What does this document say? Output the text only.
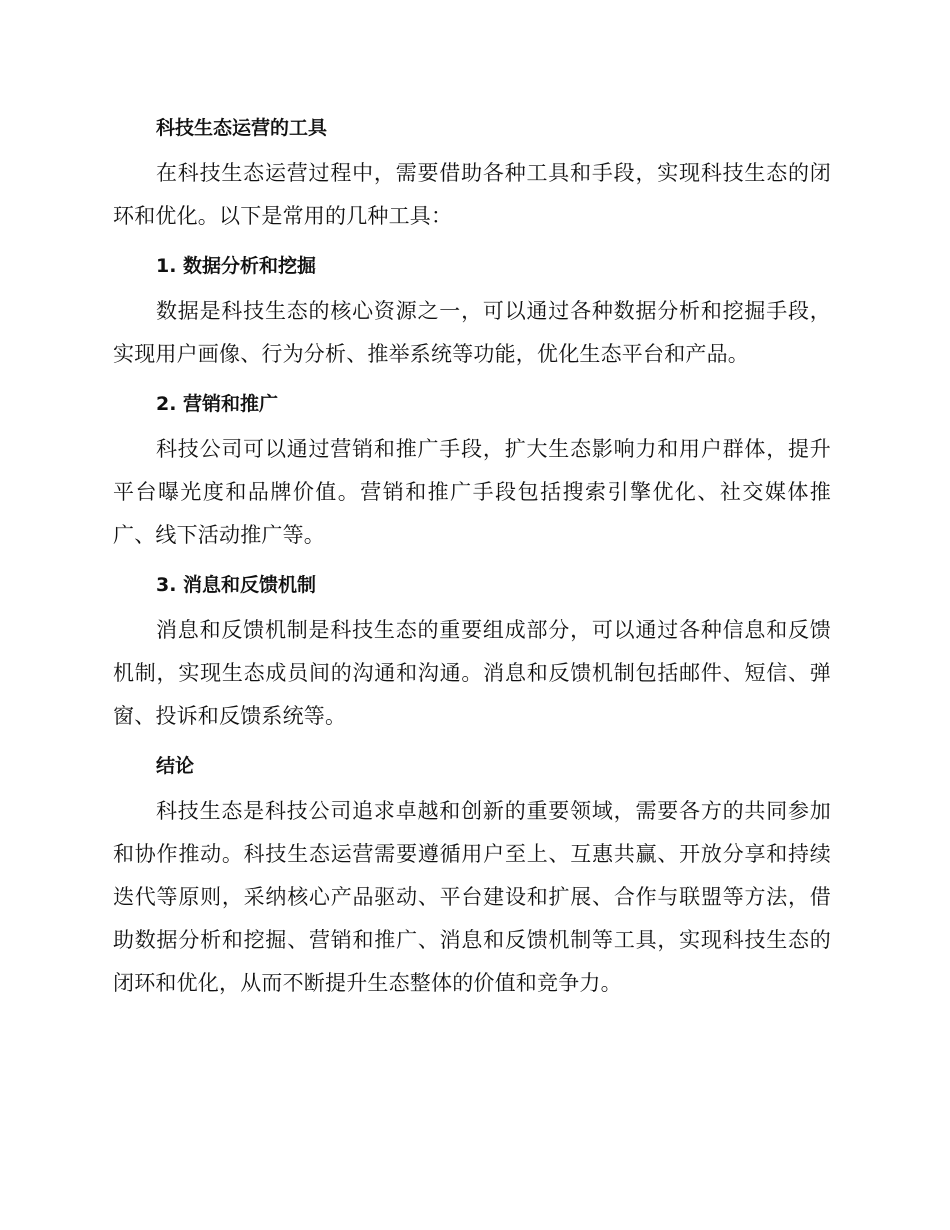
科技生态运营的工具

在科技生态运营过程中，需要借助各种工具和手段，实现科技生态的闭环和优化。以下是常用的几种工具：

1. 数据分析和挖掘

数据是科技生态的核心资源之一，可以通过各种数据分析和挖掘手段，实现用户画像、行为分析、推举系统等功能，优化生态平台和产品。

2. 营销和推广

科技公司可以通过营销和推广手段，扩大生态影响力和用户群体，提升平台曝光度和品牌价值。营销和推广手段包括搜索引擎优化、社交媒体推广、线下活动推广等。

3. 消息和反馈机制

消息和反馈机制是科技生态的重要组成部分，可以通过各种信息和反馈机制，实现生态成员间的沟通和沟通。消息和反馈机制包括邮件、短信、弹窗、投诉和反馈系统等。

结论

科技生态是科技公司追求卓越和创新的重要领域，需要各方的共同参加和协作推动。科技生态运营需要遵循用户至上、互惠共赢、开放分享和持续迭代等原则，采纳核心产品驱动、平台建设和扩展、合作与联盟等方法，借助数据分析和挖掘、营销和推广、消息和反馈机制等工具，实现科技生态的闭环和优化，从而不断提升生态整体的价值和竞争力。
